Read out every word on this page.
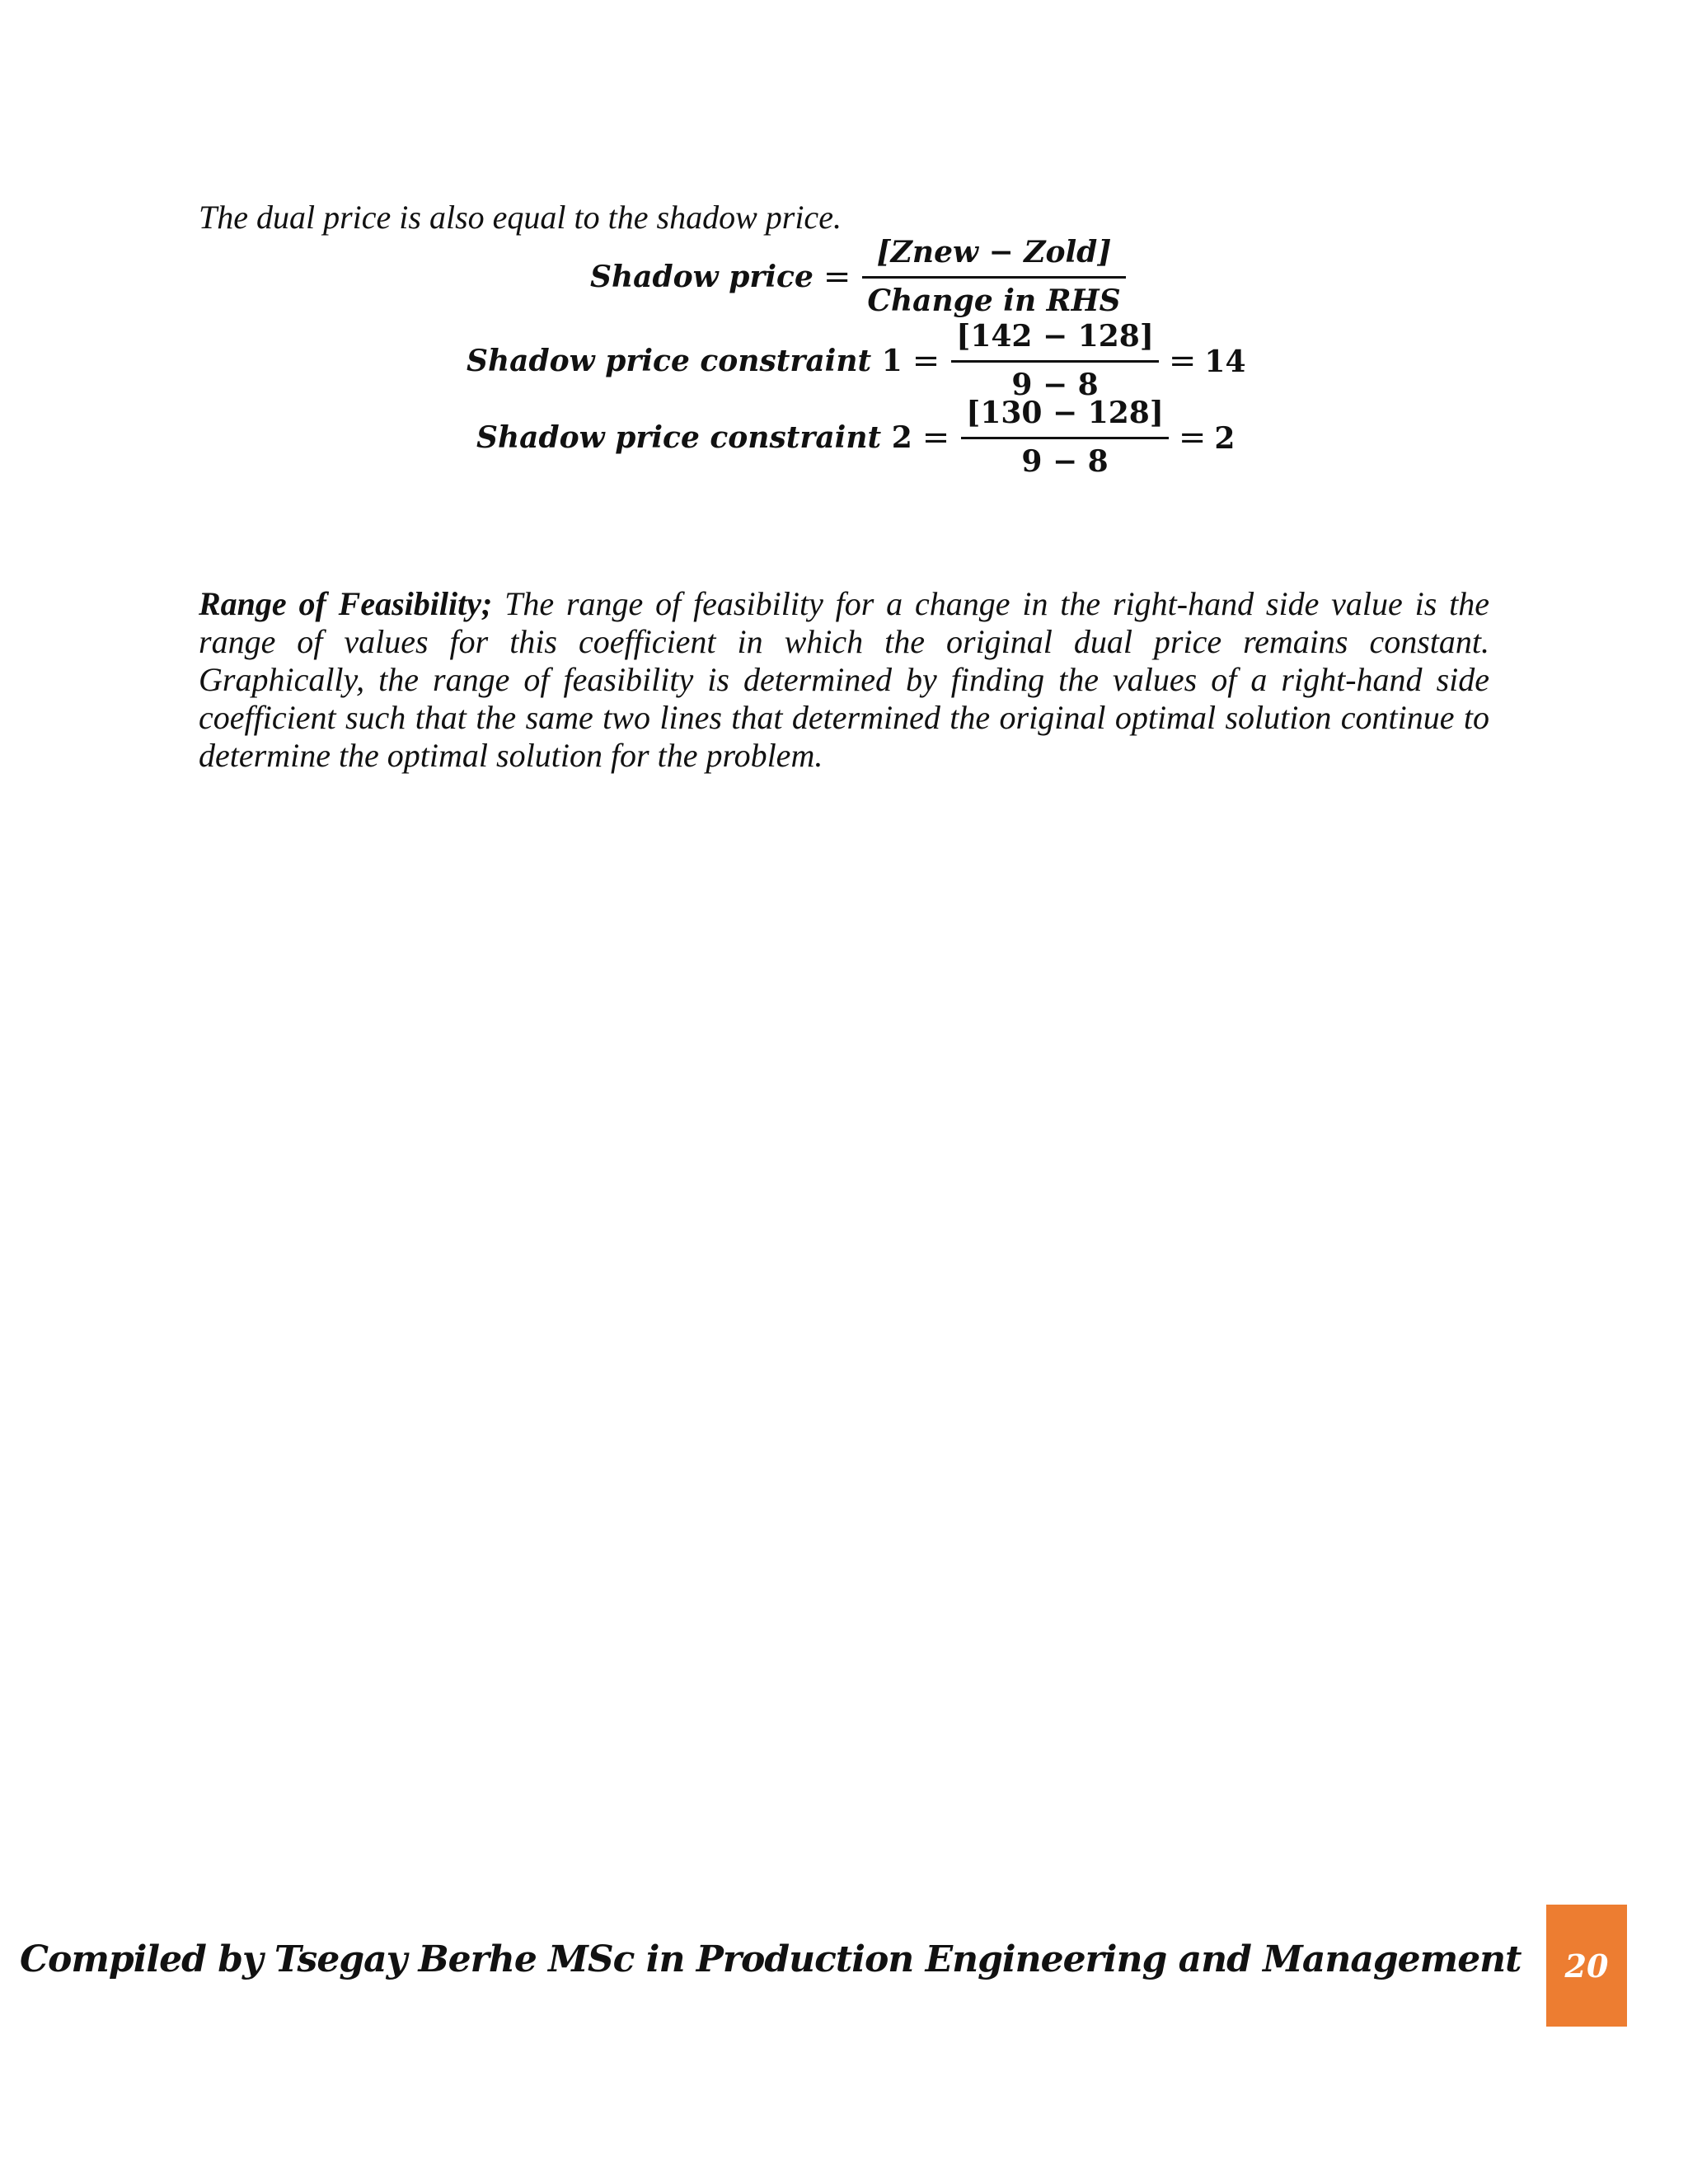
The dual price is also equal to the shadow price.
Shadow price = $\frac{\text{[Znew − Zold]}}{\text{Change in RHS}}$
Shadow price constraint $1 = \frac{[142 - 128]}{9 - 8} = 14$
Shadow price constraint $2 = \frac{[130 - 128]}{9 - 8} = 2$

Range of Feasibility; The range of feasibility for a change in the right-hand side value is the range of values for this coefficient in which the original dual price remains constant. Graphically, the range of feasibility is determined by finding the values of a right-hand side coefficient such that the same two lines that determined the original optimal solution continue to determine the optimal solution for the problem.

Compiled by Tsegay Berhe MSc in Production Engineering and Management 20
